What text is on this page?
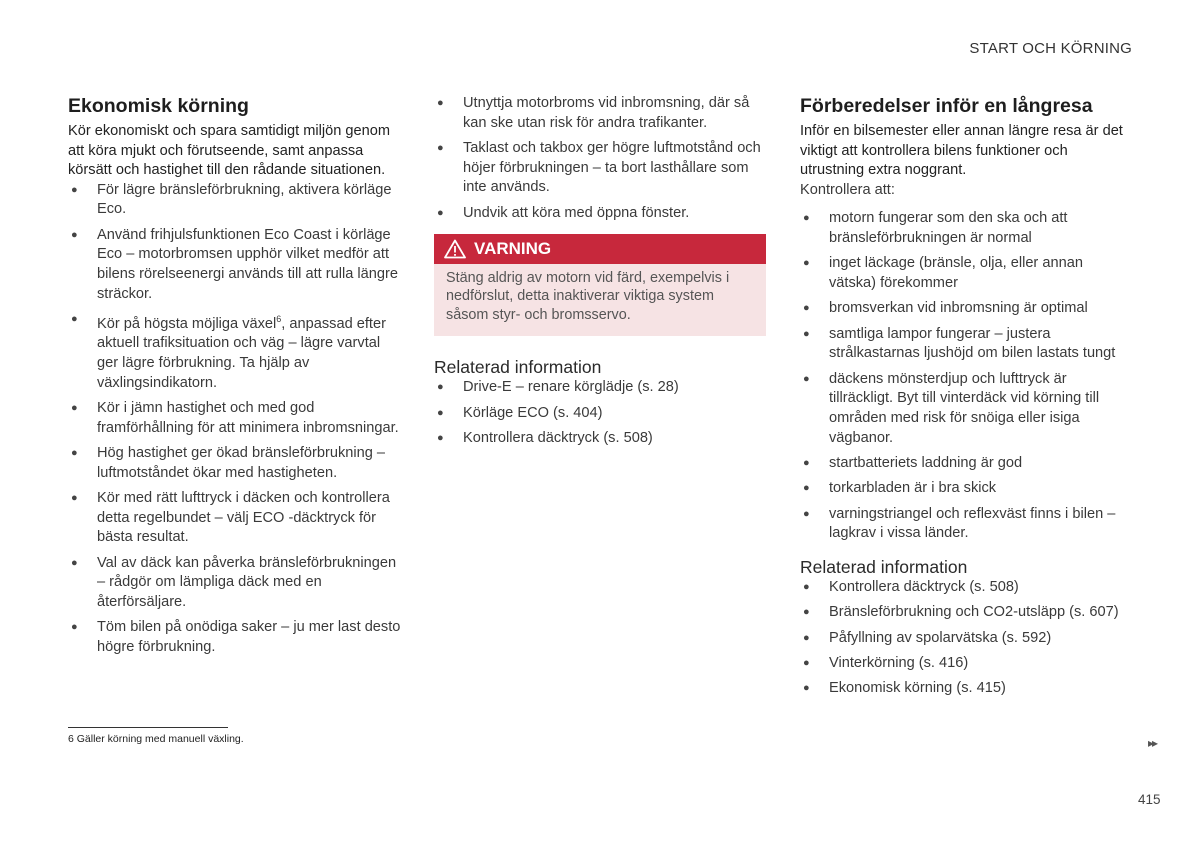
START OCH KÖRNING
Ekonomisk körning

Kör ekonomiskt och spara samtidigt miljön genom att köra mjukt och förutseende, samt anpassa körsätt och hastighet till den rådande situationen.

● För lägre bränsleförbrukning, aktivera körläge Eco.
● Använd frihjulsfunktionen Eco Coast i körläge Eco – motorbromsen upphör vilket medför att bilens rörelseenergi används till att rulla längre sträckor.
● Kör på högsta möjliga växel$^6$, anpassad efter aktuell trafiksituation och väg – lägre varvtal ger lägre förbrukning. Ta hjälp av växlingsindikatorn.
● Kör i jämn hastighet och med god framförhållning för att minimera inbromsningar.
● Hög hastighet ger ökad bränsleförbrukning – luftmotståndet ökar med hastigheten.
● Kör med rätt lufttryck i däcken och kontrollera detta regelbundet – välj ECO -däcktryck för bästa resultat.
● Val av däck kan påverka bränsleförbrukningen – rådgör om lämpliga däck med en återförsäljare.
● Töm bilen på onödiga saker – ju mer last desto högre förbrukning.
● Utnyttja motorbroms vid inbromsning, där så kan ske utan risk för andra trafikanter.
● Taklast och takbox ger högre luftmotstånd och höjer förbrukningen – ta bort lasthållare som inte används.
● Undvik att köra med öppna fönster.
VARNING
Stäng aldrig av motorn vid färd, exempelvis i nedförslut, detta inaktiverar viktiga system såsom styr- och bromsservo.
Relaterad information
● Drive-E – renare körglädje (s. 28)
● Körläge ECO (s. 404)
● Kontrollera däcktryck (s. 508)
Förberedelser inför en långresa

Inför en bilsemester eller annan längre resa är det viktigt att kontrollera bilens funktioner och utrustning extra noggrant.

Kontrollera att:

● motorn fungerar som den ska och att bränsleförbrukningen är normal
● inget läckage (bränsle, olja, eller annan vätska) förekommer
● bromsverkan vid inbromsning är optimal
● samtliga lampor fungerar – justera strålkastarnas ljushöjd om bilen lastats tungt
● däckens mönsterdjup och lufttryck är tillräckligt. Byt till vinterdäck vid körning till områden med risk för snöiga eller isiga vägbanor.
● startbatteriets laddning är god
● torkarbladen är i bra skick
● varningstriangel och reflexväst finns i bilen – lagkrav i vissa länder.
Relaterad information
● Kontrollera däcktryck (s. 508)
● Bränsleförbrukning och CO2-utsläpp (s. 607)
● Påfyllning av spolarvätska (s. 592)
● Vinterkörning (s. 416)
● Ekonomisk körning (s. 415)
6 Gäller körning med manuell växling.	▸▸
415
